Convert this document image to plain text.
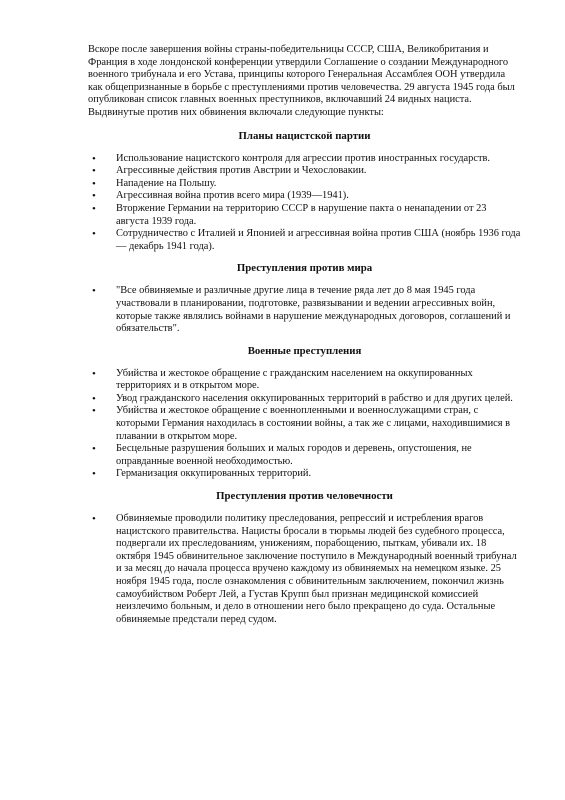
Вскоре после завершения войны страны-победительницы СССР, США, Великобритания и Франция в ходе лондонской конференции утвердили Соглашение о создании Международного военного трибунала и его Устава, принципы которого Генеральная Ассамблея ООН утвердила как общепризнанные в борьбе с преступлениями против человечества. 29 августа 1945 года был опубликован список главных военных преступников, включавший 24 видных нациста. Выдвинутые против них обвинения включали следующие пункты:

Планы нацистской партии
• Использование нацистского контроля для агрессии против иностранных государств.
• Агрессивные действия против Австрии и Чехословакии.
• Нападение на Польшу.
• Агрессивная война против всего мира (1939—1941).
• Вторжение Германии на территорию СССР в нарушение пакта о ненападении от 23 августа 1939 года.
• Сотрудничество с Италией и Японией и агрессивная война против США (ноябрь 1936 года — декабрь 1941 года).
Преступления против мира
• "Все обвиняемые и различные другие лица в течение ряда лет до 8 мая 1945 года участвовали в планировании, подготовке, развязывании и ведении агрессивных войн, которые также являлись войнами в нарушение международных договоров, соглашений и обязательств".
Военные преступления
• Убийства и жестокое обращение с гражданским населением на оккупированных территориях и в открытом море.
• Увод гражданского населения оккупированных территорий в рабство и для других целей.
• Убийства и жестокое обращение с военнопленными и военнослужащими стран, с которыми Германия находилась в состоянии войны, а так же с лицами, находившимися в плавании в открытом море.
• Бесцельные разрушения больших и малых городов и деревень, опустошения, не оправданные военной необходимостью.
• Германизация оккупированных территорий.
Преступления против человечности
• Обвиняемые проводили политику преследования, репрессий и истребления врагов нацистского правительства. Нацисты бросали в тюрьмы людей без судебного процесса, подвергали их преследованиям, унижениям, порабощению, пыткам, убивали их. 18 октября 1945 обвинительное заключение поступило в Международный военный трибунал и за месяц до начала процесса вручено каждому из обвиняемых на немецком языке. 25 ноября 1945 года, после ознакомления с обвинительным заключением, покончил жизнь самоубийством Роберт Лей, а Густав Крупп был признан медицинской комиссией неизлечимо больным, и дело в отношении него было прекращено до суда. Остальные обвиняемые предстали перед судом.
